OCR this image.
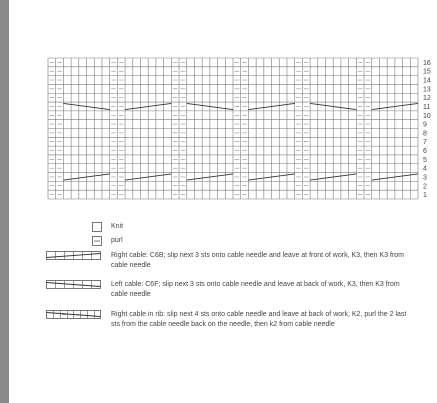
1
2
3
4
5
6
7
8
9
10
11
12
13
14
15
16
Knit
purl
Right cable: C6B; slip next 3 sts onto cable needle and leave at front of work, K3, then K3 from cable needle
Left cable: C6F; slip next 3 sts onto cable needle and leave at back of work, K3, then K3 from cable needle
Right cable in rib: slip next 4 sts onto cable needle and leave at back of work, K2, purl the 2 last sts from the cable needle back on the needle, then k2 from cable needle
